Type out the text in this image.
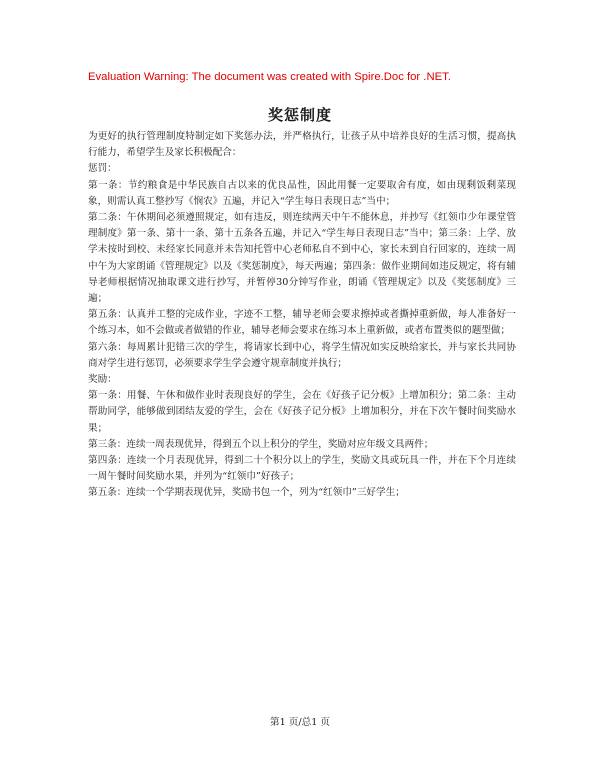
Evaluation Warning: The document was created with Spire.Doc for .NET.
奖惩制度

为更好的执行管理制度特制定如下奖惩办法，并严格执行，让孩子从中培养良好的生活习惯，提高执行能力，希望学生及家长积极配合：

惩罚：

第一条：节约粮食是中华民族自古以来的优良品性，因此用餐一定要取舍有度，如由现剩饭剩菜现象，则需认真工整抄写《悯农》五遍，并记入“学生每日表现日志”当中；

第二条：午休期间必须遵照规定，如有违反，则连续两天中午不能休息，并抄写《红领巾少年课堂管理制度》第一条、第十一条、第十五条各五遍，并记入“学生每日表现日志”当中；第三条：上学、放学未按时到校、未经家长同意并未告知托管中心老师私自不到中心，家长未到自行回家的，连续一周中午为大家朗诵《管理规定》以及《奖惩制度》，每天两遍；第四条：做作业期间如违反规定，将有辅导老师根据情况抽取课文进行抄写，并暂停30分钟写作业，朗诵《管理规定》以及《奖惩制度》三遍；

第五条：认真并工整的完成作业，字迹不工整，辅导老师会要求擦掉或者撕掉重新做，每人准备好一个练习本，如不会做或者做错的作业，辅导老师会要求在练习本上重新做，或者布置类似的题型做；

第六条：每周累计犯错三次的学生，将请家长到中心，将学生情况如实反映给家长，并与家长共同协商对学生进行惩罚，必须要求学生学会遵守规章制度并执行；

奖励：

第一条：用餐、午休和做作业时表现良好的学生，会在《好孩子记分板》上增加积分；第二条：主动帮助同学，能够做到团结友爱的学生，会在《好孩子记分板》上增加积分，并在下次午餐时间奖励水果；

第三条：连续一周表现优异，得到五个以上积分的学生，奖励对应年级文具两件；

第四条：连续一个月表现优异，得到二十个积分以上的学生，奖励文具或玩具一件，并在下个月连续一周午餐时间奖励水果，并列为“红领巾”好孩子；

第五条：连续一个学期表现优异，奖励书包一个，列为“红领巾”三好学生；

第1 页/总1 页
